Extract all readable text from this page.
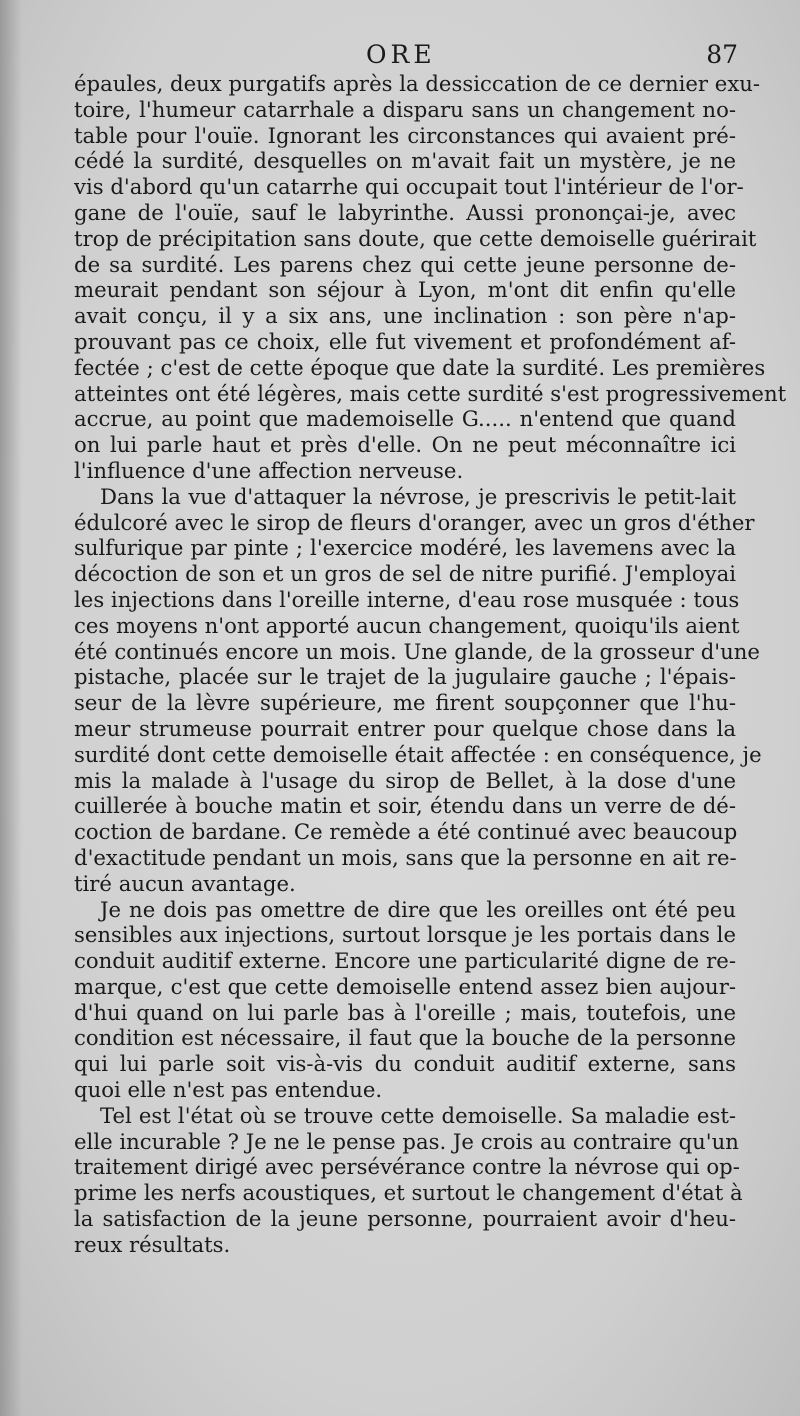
ORE	87
épaules, deux purgatifs après la dessiccation de ce dernier exu-
toire, l'humeur catarrhale a disparu sans un changement no-
table pour l'ouïe. Ignorant les circonstances qui avaient pré-
cédé la surdité, desquelles on m'avait fait un mystère, je ne
vis d'abord qu'un catarrhe qui occupait tout l'intérieur de l'or-
gane de l'ouïe, sauf le labyrinthe. Aussi prononçai-je, avec
trop de précipitation sans doute, que cette demoiselle guérirait
de sa surdité. Les parens chez qui cette jeune personne de-
meurait pendant son séjour à Lyon, m'ont dit enfin qu'elle
avait conçu, il y a six ans, une inclination : son père n'ap-
prouvant pas ce choix, elle fut vivement et profondément af-
fectée ; c'est de cette époque que date la surdité. Les premières
atteintes ont été légères, mais cette surdité s'est progressivement
accrue, au point que mademoiselle G..... n'entend que quand
on lui parle haut et près d'elle. On ne peut méconnaître ici
l'influence d'une affection nerveuse.
Dans la vue d'attaquer la névrose, je prescrivis le petit-lait
édulcoré avec le sirop de fleurs d'oranger, avec un gros d'éther
sulfurique par pinte ; l'exercice modéré, les lavemens avec la
décoction de son et un gros de sel de nitre purifié. J'employai
les injections dans l'oreille interne, d'eau rose musquée : tous
ces moyens n'ont apporté aucun changement, quoiqu'ils aient
été continués encore un mois. Une glande, de la grosseur d'une
pistache, placée sur le trajet de la jugulaire gauche ; l'épais-
seur de la lèvre supérieure, me firent soupçonner que l'hu-
meur strumeuse pourrait entrer pour quelque chose dans la
surdité dont cette demoiselle était affectée : en conséquence, je
mis la malade à l'usage du sirop de Bellet, à la dose d'une
cuillerée à bouche matin et soir, étendu dans un verre de dé-
coction de bardane. Ce remède a été continué avec beaucoup
d'exactitude pendant un mois, sans que la personne en ait re-
tiré aucun avantage.
Je ne dois pas omettre de dire que les oreilles ont été peu
sensibles aux injections, surtout lorsque je les portais dans le
conduit auditif externe. Encore une particularité digne de re-
marque, c'est que cette demoiselle entend assez bien aujour-
d'hui quand on lui parle bas à l'oreille ; mais, toutefois, une
condition est nécessaire, il faut que la bouche de la personne
qui lui parle soit vis-à-vis du conduit auditif externe, sans
quoi elle n'est pas entendue.
Tel est l'état où se trouve cette demoiselle. Sa maladie est-
elle incurable ? Je ne le pense pas. Je crois au contraire qu'un
traitement dirigé avec persévérance contre la névrose qui op-
prime les nerfs acoustiques, et surtout le changement d'état à
la satisfaction de la jeune personne, pourraient avoir d'heu-
reux résultats.
